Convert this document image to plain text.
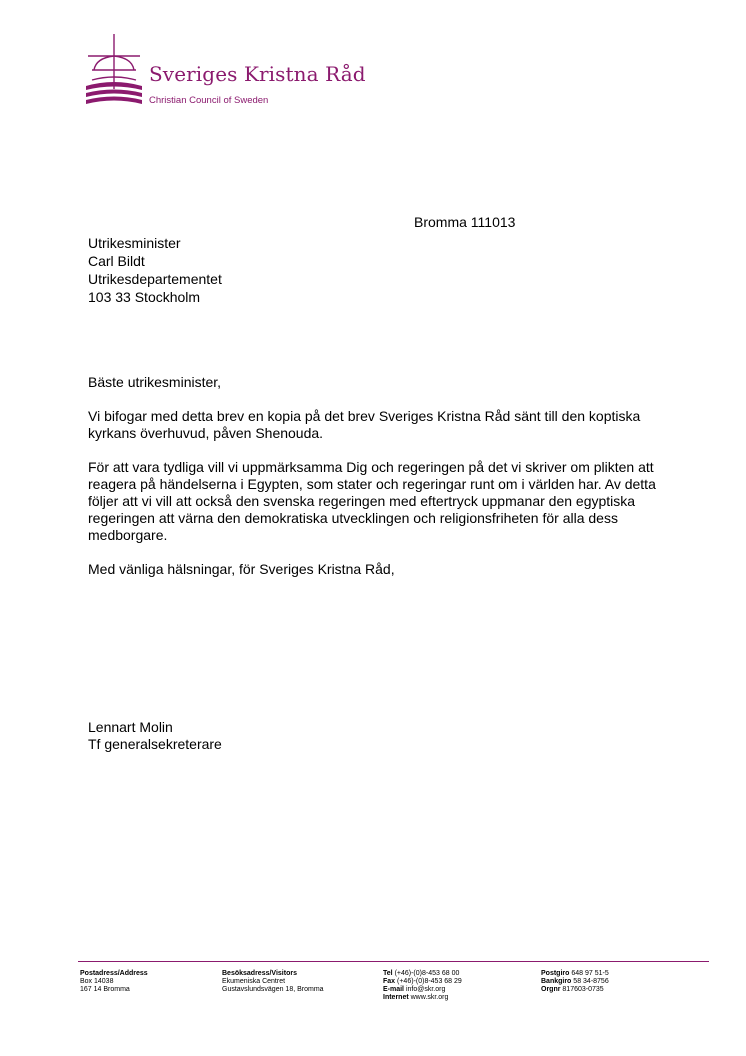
Sveriges Kristna Råd
Christian Council of Sweden
Bromma 111013
Utrikesminister
Carl Bildt
Utrikesdepartementet
103 33 Stockholm

Bäste utrikesminister,

Vi bifogar med detta brev en kopia på det brev Sveriges Kristna Råd sänt till den koptiska kyrkans överhuvud, påven Shenouda.

För att vara tydliga vill vi uppmärksamma Dig och regeringen på det vi skriver om plikten att reagera på händelserna i Egypten, som stater och regeringar runt om i världen har. Av detta följer att vi vill att också den svenska regeringen med eftertryck uppmanar den egyptiska regeringen att värna den demokratiska utvecklingen och religionsfriheten för alla dess medborgare.

Med vänliga hälsningar, för Sveriges Kristna Råd,

Lennart Molin
Tf generalsekreterare
Postadress/Address
Box 14038
167 14 Bromma
Besöksadress/Visitors
Ekumeniska Centret
Gustavslundsvägen 18, Bromma
Tel (+46)-(0)8-453 68 00
Fax (+46)-(0)8-453 68 29
E-mail info@skr.org
Internet www.skr.org
Postgiro 648 97 51-5
Bankgiro 58 34-8756
Orgnr 817603-0735
